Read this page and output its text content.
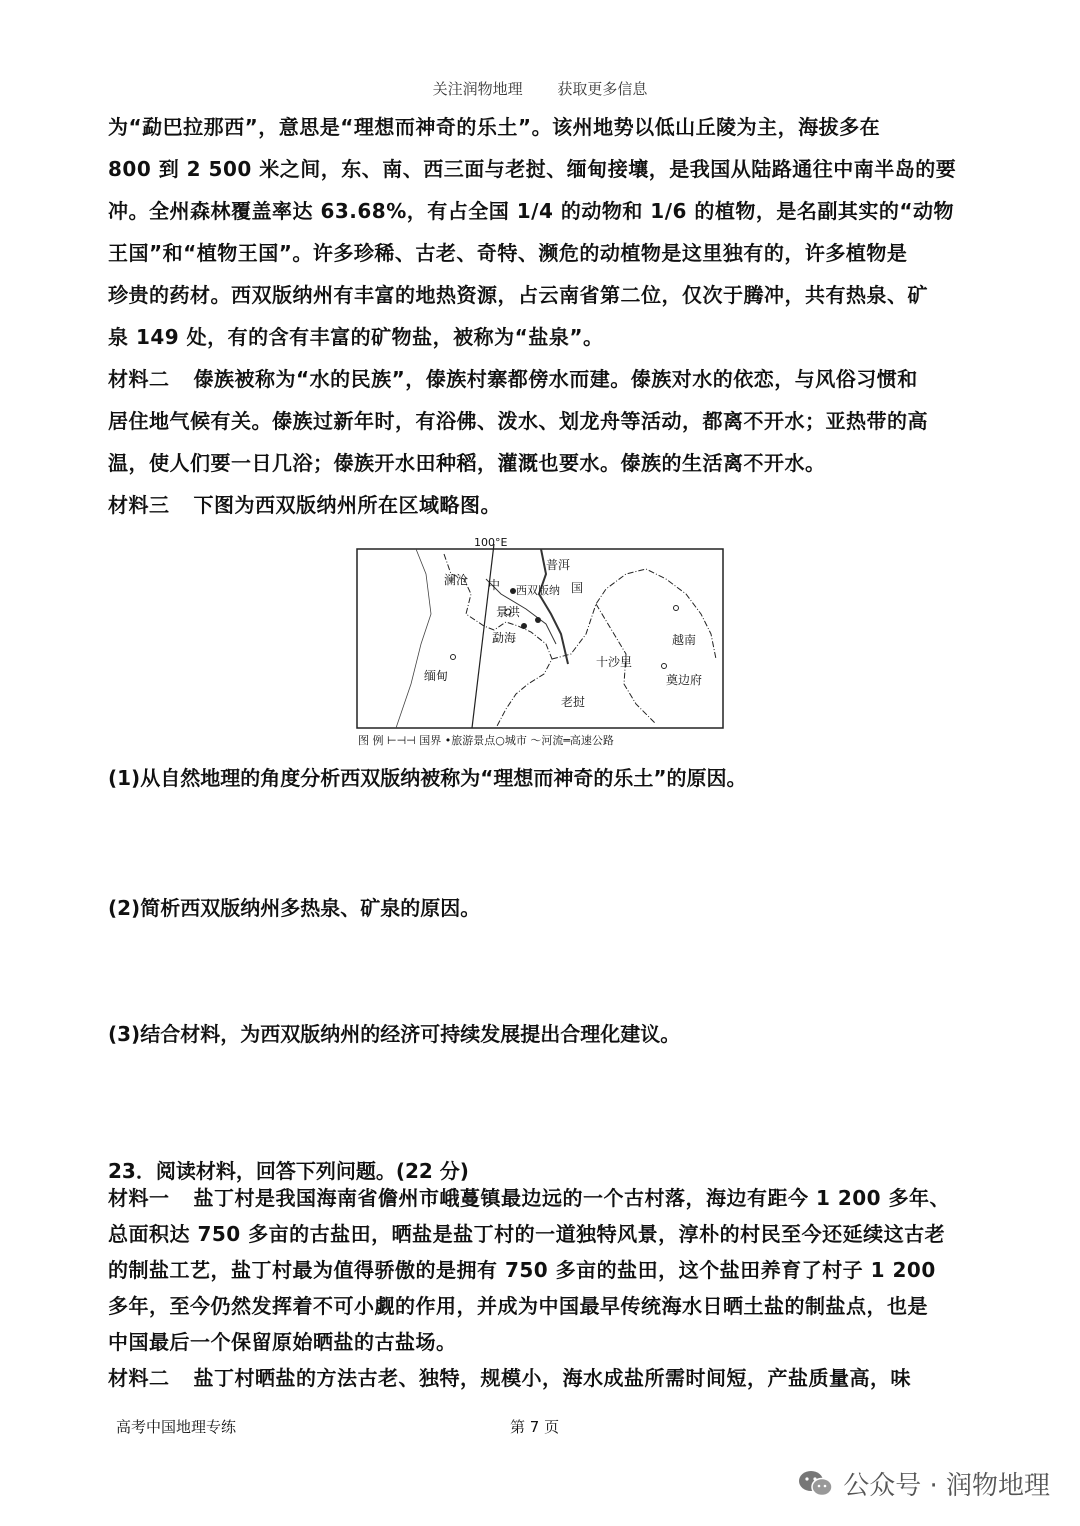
关注润物地理 获取更多信息
为“勐巴拉那西”，意思是“理想而神奇的乐土”。该州地势以低山丘陵为主，海拔多在
800 到 2 500 米之间，东、南、西三面与老挝、缅甸接壤，是我国从陆路通往中南半岛的要
冲。全州森林覆盖率达 63.68%，有占全国 1/4 的动物和 1/6 的植物，是名副其实的“动物
王国”和“植物王国”。许多珍稀、古老、奇特、濒危的动植物是这里独有的，许多植物是
珍贵的药材。西双版纳州有丰富的地热资源，占云南省第二位，仅次于腾冲，共有热泉、矿
泉 149 处，有的含有丰富的矿物盐，被称为“盐泉”。
材料二 傣族被称为“水的民族”，傣族村寨都傍水而建。傣族对水的依恋，与风俗习惯和
居住地气候有关。傣族过新年时，有浴佛、泼水、划龙舟等活动，都离不开水；亚热带的高
温，使人们要一日几浴；傣族开水田种稻，灌溉也要水。傣族的生活离不开水。
材料三 下图为西双版纳州所在区域略图。
100°E
澜沧
普洱
中	国
西双版纳
景洪
勐海
缅甸
老挝
越南
十沙里
奠边府
图 例 ⊢⊣⊣ 国界 •旅游景点○城市 ～河流═高速公路
(1)从自然地理的角度分析西双版纳被称为“理想而神奇的乐土”的原因。
(2)简析西双版纳州多热泉、矿泉的原因。
(3)结合材料，为西双版纳州的经济可持续发展提出合理化建议。
23．阅读材料，回答下列问题。(22 分)
材料一 盐丁村是我国海南省儋州市峨蔓镇最边远的一个古村落，海边有距今 1 200 多年、
总面积达 750 多亩的古盐田，晒盐是盐丁村的一道独特风景，淳朴的村民至今还延续这古老
的制盐工艺，盐丁村最为值得骄傲的是拥有 750 多亩的盐田，这个盐田养育了村子 1 200
多年，至今仍然发挥着不可小觑的作用，并成为中国最早传统海水日晒土盐的制盐点，也是
中国最后一个保留原始晒盐的古盐场。
材料二 盐丁村晒盐的方法古老、独特，规模小，海水成盐所需时间短，产盐质量高，味
高考中国地理专练	第 7 页
公众号 · 润物地理
